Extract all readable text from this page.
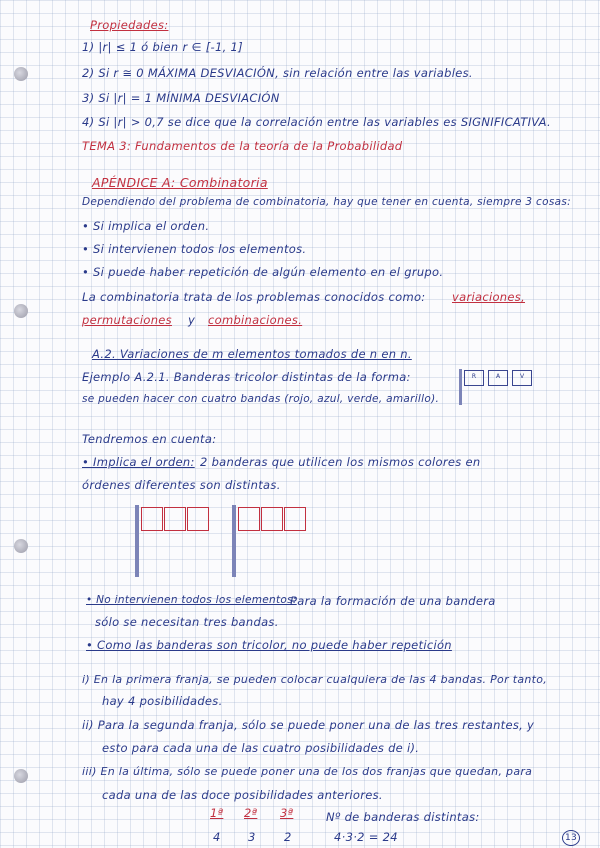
Propiedades:
1) |r| ≤ 1 ó bien r ∈ [-1, 1]
2) Si r ≅ 0 MÁXIMA DESVIACIÓN, sin relación entre las variables.
3) Si |r| = 1 MÍNIMA DESVIACIÓN
4) Si |r| > 0,7 se dice que la correlación entre las variables es SIGNIFICATIVA.
TEMA 3: Fundamentos de la teoría de la Probabilidad
APÉNDICE A: Combinatoria
Dependiendo del problema de combinatoria, hay que tener en cuenta, siempre 3 cosas:
• Si implica el orden.
• Si intervienen todos los elementos.
• Si puede haber repetición de algún elemento en el grupo.
La combinatoria trata de los problemas conocidos como: variaciones,
permutaciones y combinaciones.
A.2. Variaciones de m elementos tomados de n en n.
Ejemplo A.2.1. Banderas tricolor distintas de la forma:
se pueden hacer con cuatro bandas (rojo, azul, verde, amarillo).
R	A	V
Tendremos en cuenta:
• Implica el orden: 2 banderas que utilicen los mismos colores en
órdenes diferentes son distintas.
• No intervienen todos los elementos:
Para la formación de una bandera
sólo se necesitan tres bandas.
• Como las banderas son tricolor, no puede haber repetición
i) En la primera franja, se pueden colocar cualquiera de las 4 bandas. Por tanto,
hay 4 posibilidades.
ii) Para la segunda franja, sólo se puede poner una de las tres restantes, y
esto para cada una de las cuatro posibilidades de i).
iii) En la última, sólo se puede poner una de los dos franjas que quedan, para
cada una de las doce posibilidades anteriores.
1ª 2ª 3ª	Nº de banderas distintas:
4 3 2	4·3·2 = 24	13
